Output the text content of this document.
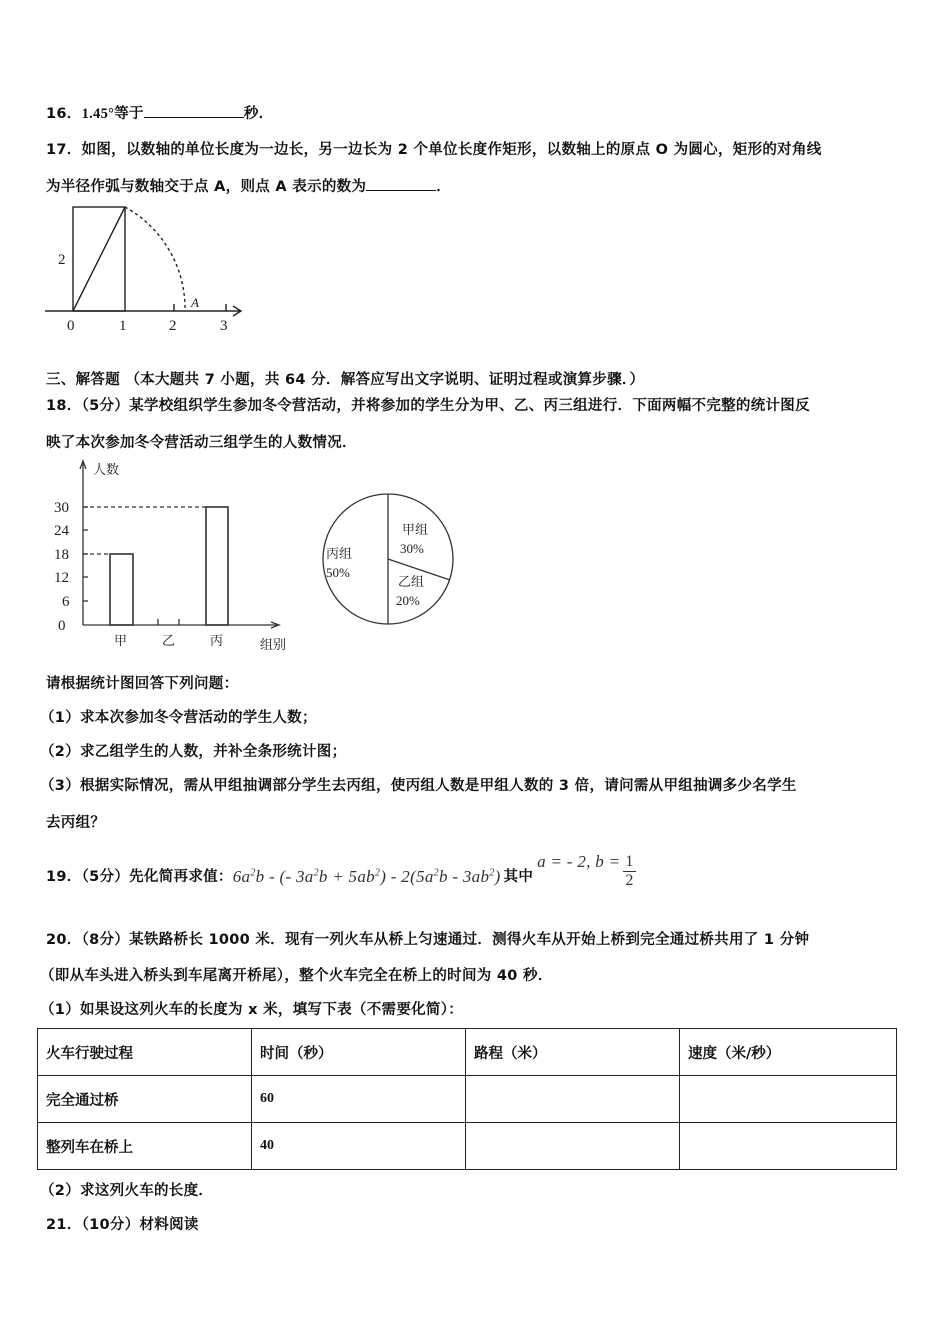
16．1.45°等于	秒．
17．如图，以数轴的单位长度为一边长，另一边长为 2 个单位长度作矩形，以数轴上的原点 O 为圆心，矩形的对角线
为半径作弧与数轴交于点 A，则点 A 表示的数为	．
2
A
0	1	2	3
三、解答题 （本大题共 7 小题，共 64 分．解答应写出文字说明、证明过程或演算步骤．）
18．（5分）某学校组织学生参加冬令营活动，并将参加的学生分为甲、乙、丙三组进行．下面两幅不完整的统计图反
映了本次参加冬令营活动三组学生的人数情况．
0
6
12
18
24
30
人数
甲	乙	丙	组别
甲组
30%
丙组
50%
乙组
20%
请根据统计图回答下列问题：
（1）求本次参加冬令营活动的学生人数；
（2）求乙组学生的人数，并补全条形统计图；
（3）根据实际情况，需从甲组抽调部分学生去丙组，使丙组人数是甲组人数的 3 倍，请问需从甲组抽调多少名学生
去丙组？
19．（5分）先化简再求值： $6a^2b$ - (- $3a^2b + 5ab^2) - 2(5a^2b - 3ab^2)$ 其中
a = - 2, $b = \frac{1}{2}$
20．（8分）某铁路桥长 1000 米．现有一列火车从桥上匀速通过．测得火车从开始上桥到完全通过桥共用了 1 分钟
（即从车头进入桥头到车尾离开桥尾），整个火车完全在桥上的时间为 40 秒．
（1）如果设这列火车的长度为 x 米，填写下表（不需要化简）：
火车行驶过程	时间（秒）	路程（米）	速度（米/秒）
完全通过桥	60		
整列车在桥上	40		
（2）求这列火车的长度．
21．（10分）材料阅读
